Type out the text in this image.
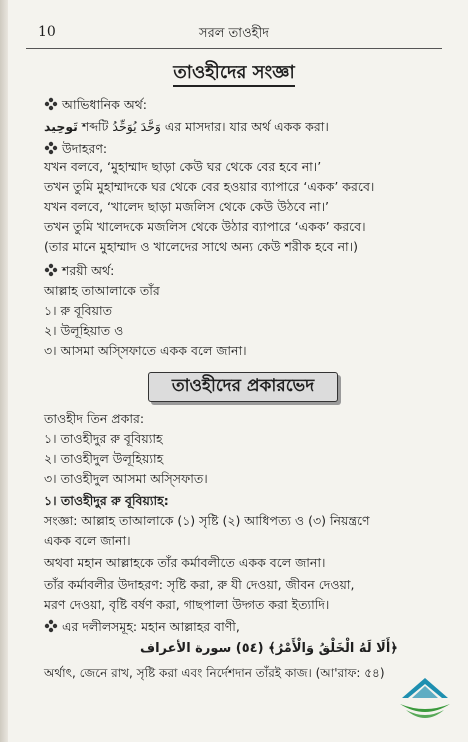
10	সরল তাওহীদ
তাওহীদের সংজ্ঞা
আভিধানিক অর্থ:
تَوحِيد শব্দটি وَحَّدَ يُوَحِّدُ এর মাসদার। যার অর্থ একক করা।
উদাহরণ:
যখন বলবে, ‘মুহাম্মাদ ছাড়া কেউ ঘর থেকে বের হবে না।’
তখন তুমি মুহাম্মাদকে ঘর থেকে বের হওয়ার ব্যাপারে ‘একক’ করবে।
যখন বলবে, ‘খালেদ ছাড়া মজলিস থেকে কেউ উঠবে না।’
তখন তুমি খালেদকে মজলিস থেকে উঠার ব্যাপারে ‘একক’ করবে।
(তার মানে মুহাম্মাদ ও খালেদের সাথে অন্য কেউ শরীক হবে না।)
শরয়ী অর্থ:
আল্লাহ তাআলাকে তাঁর
১। রু বূবিয়াত
২। উলূহিয়াত ও
৩। আসমা অস্সিফাতে একক বলে জানা।
তাওহীদের প্রকারভেদ
তাওহীদ তিন প্রকার:
১। তাওহীদুর রু বূবিয়্যাহ
২। তাওহীদুল উলূহিয়্যাহ
৩। তাওহীদুল আসমা অস্সিফাত।
১। তাওহীদুর রু বূবিয়্যাহ:
সংজ্ঞা: আল্লাহ তাআলাকে (১) সৃষ্টি (২) আধিপত্য ও (৩) নিয়ন্ত্রণে
একক বলে জানা।
অথবা মহান আল্লাহকে তাঁর কর্মাবলীতে একক বলে জানা।
তাঁর কর্মাবলীর উদাহরণ: সৃষ্টি করা, রু যী দেওয়া, জীবন দেওয়া,
মরণ দেওয়া, বৃষ্টি বর্ষণ করা, গাছপালা উদ্গত করা ইত্যাদি।
এর দলীলসমূহ: মহান আল্লাহর বাণী,
﴿أَلَا لَهُ الْخَلْقُ وَالْأَمْرُ﴾ (٥٤) سورة الأعراف
অর্থাৎ, জেনে রাখ, সৃষ্টি করা এবং নির্দেশদান তাঁরই কাজ। (আ'রাফ: ৫৪)
